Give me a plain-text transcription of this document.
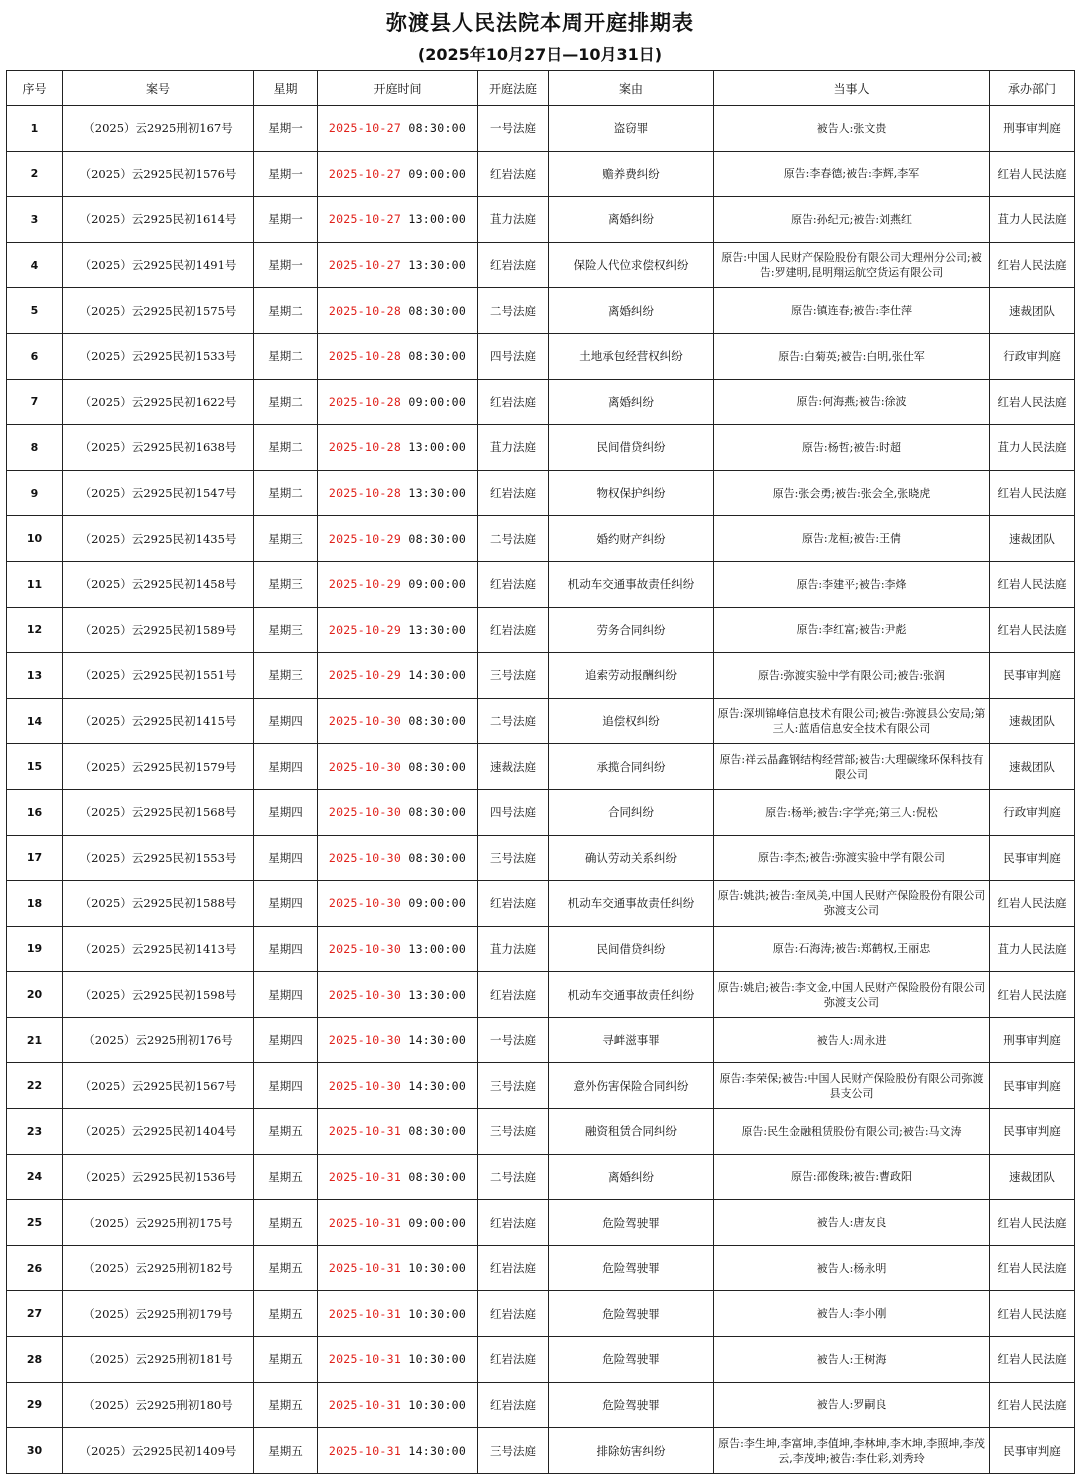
弥渡县人民法院本周开庭排期表
(2025年10月27日—10月31日)
序号	案号	星期	开庭时间	开庭法庭	案由	当事人	承办部门
1	（2025）云2925刑初167号	星期一	2025-10-27 08:30:00	一号法庭	盗窃罪	被告人:张文贵	刑事审判庭
2	（2025）云2925民初1576号	星期一	2025-10-27 09:00:00	红岩法庭	赡养费纠纷	原告:李春德;被告:李辉,李军	红岩人民法庭
3	（2025）云2925民初1614号	星期一	2025-10-27 13:00:00	苴力法庭	离婚纠纷	原告:孙纪元;被告:刘燕红	苴力人民法庭
4	（2025）云2925民初1491号	星期一	2025-10-27 13:30:00	红岩法庭	保险人代位求偿权纠纷	原告:中国人民财产保险股份有限公司大理州分公司;被告:罗建明,昆明翔运航空货运有限公司	红岩人民法庭
5	（2025）云2925民初1575号	星期二	2025-10-28 08:30:00	二号法庭	离婚纠纷	原告:镇连春;被告:李仕萍	速裁团队
6	（2025）云2925民初1533号	星期二	2025-10-28 08:30:00	四号法庭	土地承包经营权纠纷	原告:白菊英;被告:白明,张仕军	行政审判庭
7	（2025）云2925民初1622号	星期二	2025-10-28 09:00:00	红岩法庭	离婚纠纷	原告:何海燕;被告:徐波	红岩人民法庭
8	（2025）云2925民初1638号	星期二	2025-10-28 13:00:00	苴力法庭	民间借贷纠纷	原告:杨哲;被告:时超	苴力人民法庭
9	（2025）云2925民初1547号	星期二	2025-10-28 13:30:00	红岩法庭	物权保护纠纷	原告:张会勇;被告:张会全,张晓虎	红岩人民法庭
10	（2025）云2925民初1435号	星期三	2025-10-29 08:30:00	二号法庭	婚约财产纠纷	原告:龙桓;被告:王倩	速裁团队
11	（2025）云2925民初1458号	星期三	2025-10-29 09:00:00	红岩法庭	机动车交通事故责任纠纷	原告:李建平;被告:李烽	红岩人民法庭
12	（2025）云2925民初1589号	星期三	2025-10-29 13:30:00	红岩法庭	劳务合同纠纷	原告:李红富;被告:尹彪	红岩人民法庭
13	（2025）云2925民初1551号	星期三	2025-10-29 14:30:00	三号法庭	追索劳动报酬纠纷	原告:弥渡实验中学有限公司;被告:张润	民事审判庭
14	（2025）云2925民初1415号	星期四	2025-10-30 08:30:00	二号法庭	追偿权纠纷	原告:深圳锦峰信息技术有限公司;被告:弥渡县公安局;第三人:蓝盾信息安全技术有限公司	速裁团队
15	（2025）云2925民初1579号	星期四	2025-10-30 08:30:00	速裁法庭	承揽合同纠纷	原告:祥云晶鑫钢结构经营部;被告:大理碳缘环保科技有限公司	速裁团队
16	（2025）云2925民初1568号	星期四	2025-10-30 08:30:00	四号法庭	合同纠纷	原告:杨举;被告:字学亮;第三人:倪松	行政审判庭
17	（2025）云2925民初1553号	星期四	2025-10-30 08:30:00	三号法庭	确认劳动关系纠纷	原告:李杰;被告:弥渡实验中学有限公司	民事审判庭
18	（2025）云2925民初1588号	星期四	2025-10-30 09:00:00	红岩法庭	机动车交通事故责任纠纷	原告:姚洪;被告:奎凤美,中国人民财产保险股份有限公司弥渡支公司	红岩人民法庭
19	（2025）云2925民初1413号	星期四	2025-10-30 13:00:00	苴力法庭	民间借贷纠纷	原告:石海涛;被告:郑鹤权,王丽忠	苴力人民法庭
20	（2025）云2925民初1598号	星期四	2025-10-30 13:30:00	红岩法庭	机动车交通事故责任纠纷	原告:姚启;被告:李文金,中国人民财产保险股份有限公司弥渡支公司	红岩人民法庭
21	（2025）云2925刑初176号	星期四	2025-10-30 14:30:00	一号法庭	寻衅滋事罪	被告人:周永进	刑事审判庭
22	（2025）云2925民初1567号	星期四	2025-10-30 14:30:00	三号法庭	意外伤害保险合同纠纷	原告:李荣保;被告:中国人民财产保险股份有限公司弥渡县支公司	民事审判庭
23	（2025）云2925民初1404号	星期五	2025-10-31 08:30:00	三号法庭	融资租赁合同纠纷	原告:民生金融租赁股份有限公司;被告:马文涛	民事审判庭
24	（2025）云2925民初1536号	星期五	2025-10-31 08:30:00	二号法庭	离婚纠纷	原告:邵俊珠;被告:曹政阳	速裁团队
25	（2025）云2925刑初175号	星期五	2025-10-31 09:00:00	红岩法庭	危险驾驶罪	被告人:唐友良	红岩人民法庭
26	（2025）云2925刑初182号	星期五	2025-10-31 10:30:00	红岩法庭	危险驾驶罪	被告人:杨永明	红岩人民法庭
27	（2025）云2925刑初179号	星期五	2025-10-31 10:30:00	红岩法庭	危险驾驶罪	被告人:李小刚	红岩人民法庭
28	（2025）云2925刑初181号	星期五	2025-10-31 10:30:00	红岩法庭	危险驾驶罪	被告人:王树海	红岩人民法庭
29	（2025）云2925刑初180号	星期五	2025-10-31 10:30:00	红岩法庭	危险驾驶罪	被告人:罗嗣良	红岩人民法庭
30	（2025）云2925民初1409号	星期五	2025-10-31 14:30:00	三号法庭	排除妨害纠纷	原告:李生坤,李富坤,李值坤,李林坤,李木坤,李照坤,李茂云,李茂坤;被告:李仕彩,刘秀玲	民事审判庭
